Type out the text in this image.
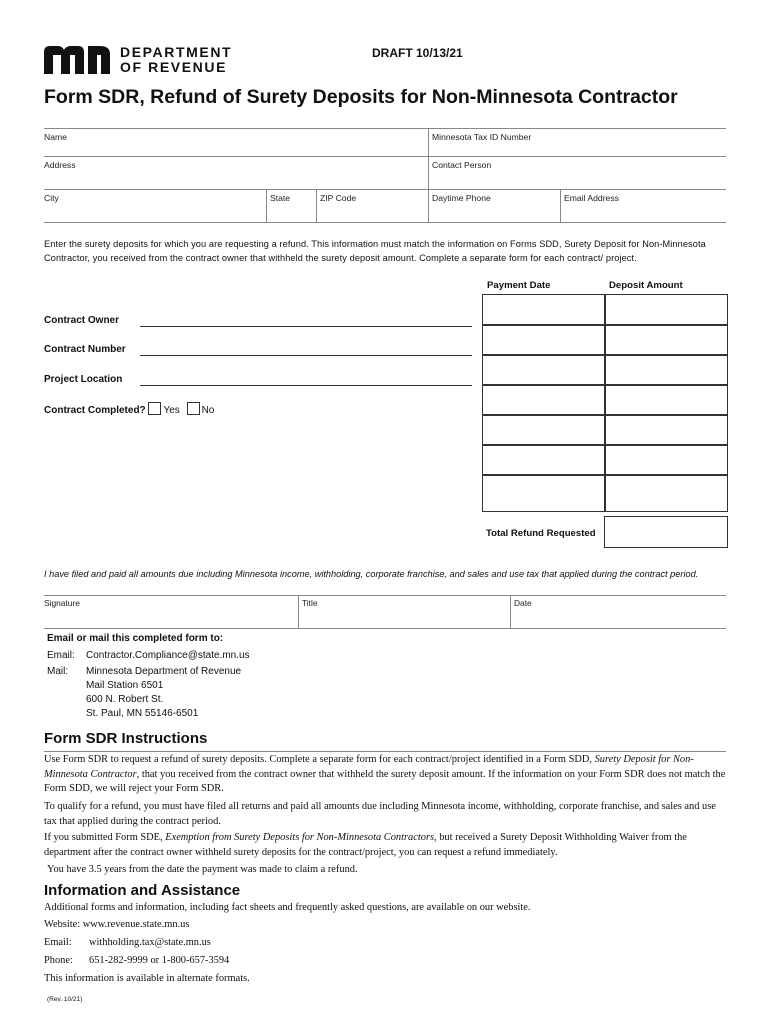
DEPARTMENT
OF REVENUE
DRAFT 10/13/21
Form SDR, Refund of Surety Deposits for Non-Minnesota Contractor
Name	Minnesota Tax ID Number
Address	Contact Person
City	State	ZIP Code	Daytime Phone	Email Address
Enter the surety deposits for which you are requesting a refund. This information must match the information on Forms SDD, Surety Deposit for Non-Minnesota Contractor, you received from the contract owner that withheld the surety deposit amount. Complete a separate form for each contract/ project.
Payment Date	Deposit Amount
Contract Owner
Contract Number
Project Location
Contract Completed? Yes No
Total Refund Requested
I have filed and paid all amounts due including Minnesota income, withholding, corporate franchise, and sales and use tax that applied during the contract period.
Signature	Title	Date
Email or mail this completed form to:
Email: Contractor.Compliance@state.mn.us
Mail: Minnesota Department of Revenue
Mail Station 6501
600 N. Robert St.
St. Paul, MN 55146-6501
Form SDR Instructions
Use Form SDR to request a refund of surety deposits. Complete a separate form for each contract/project identified in a Form SDD, Surety Deposit for Non-Minnesota Contractor, that you received from the contract owner that withheld the surety deposit amount. If the information on your Form SDR does not match the Form SDD, we will reject your Form SDR.
To qualify for a refund, you must have filed all returns and paid all amounts due including Minnesota income, withholding, corporate franchise, and sales and use tax that applied during the contract period.
If you submitted Form SDE, Exemption from Surety Deposits for Non-Minnesota Contractors, but received a Surety Deposit Withholding Waiver from the department after the contract owner withheld surety deposits for the contract/project, you can request a refund immediately.
You have 3.5 years from the date the payment was made to claim a refund.
Information and Assistance
Additional forms and information, including fact sheets and frequently asked questions, are available on our website.
Website: www.revenue.state.mn.us
Email: withholding.tax@state.mn.us
Phone: 651-282-9999 or 1-800-657-3594
This information is available in alternate formats.
(Rev. 10/21)
